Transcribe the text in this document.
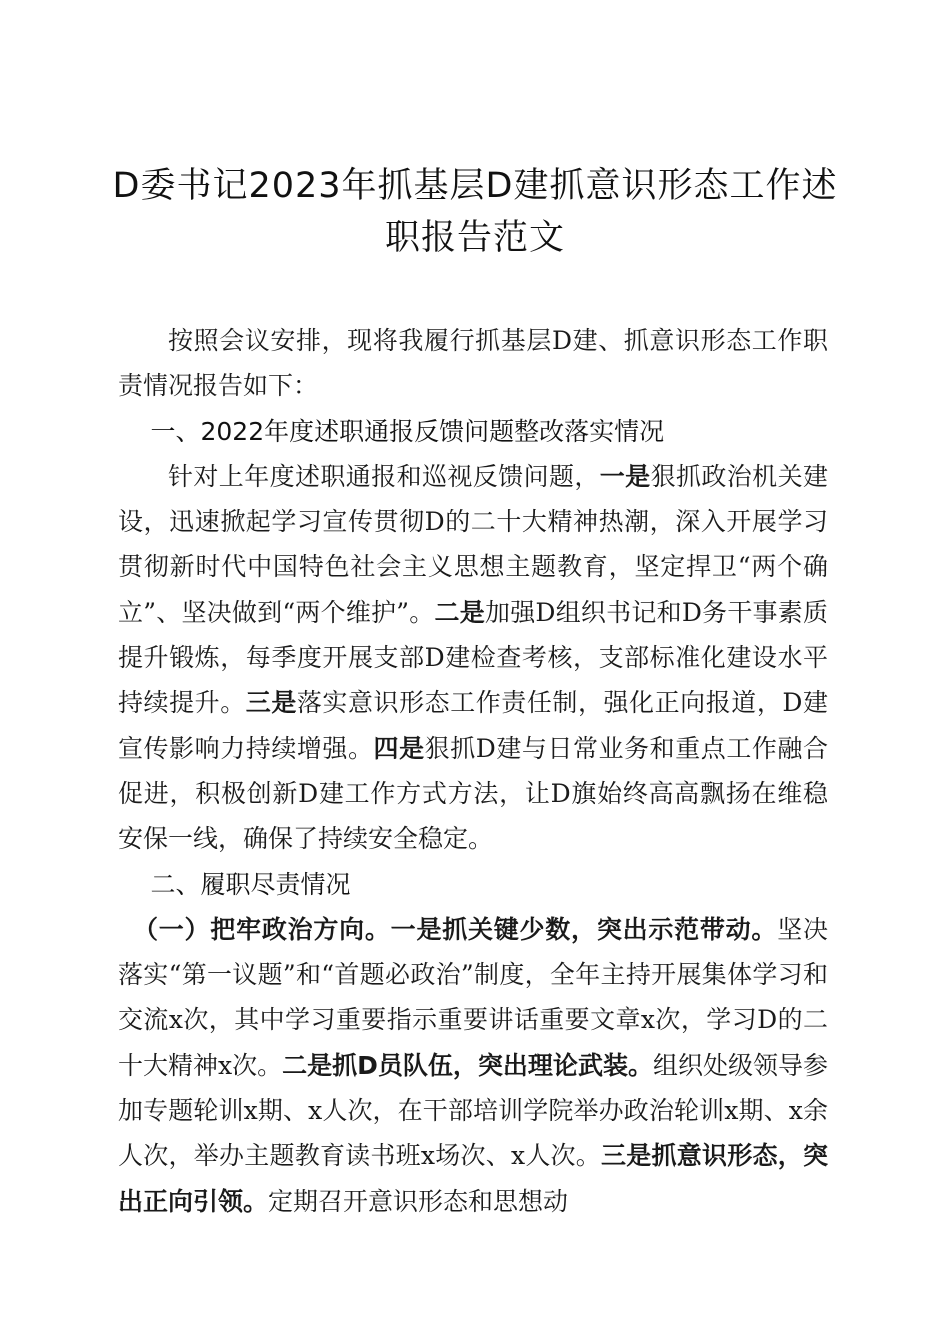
D委书记2023年抓基层D建抓意识形态工作述职报告范文

按照会议安排，现将我履行抓基层D建、抓意识形态工作职责情况报告如下：

一、2022年度述职通报反馈问题整改落实情况

针对上年度述职通报和巡视反馈问题，一是狠抓政治机关建设，迅速掀起学习宣传贯彻D的二十大精神热潮，深入开展学习贯彻新时代中国特色社会主义思想主题教育，坚定捍卫“两个确立”、坚决做到“两个维护”。二是加强D组织书记和D务干事素质提升锻炼，每季度开展支部D建检查考核，支部标准化建设水平持续提升。三是落实意识形态工作责任制，强化正向报道，D建宣传影响力持续增强。四是狠抓D建与日常业务和重点工作融合促进，积极创新D建工作方式方法，让D旗始终高高飘扬在维稳安保一线，确保了持续安全稳定。

二、履职尽责情况

（一）把牢政治方向。一是抓关键少数，突出示范带动。坚决落实“第一议题”和“首题必政治”制度，全年主持开展集体学习和交流x次，其中学习重要指示重要讲话重要文章x次，学习D的二十大精神x次。二是抓D员队伍，突出理论武装。组织处级领导参加专题轮训x期、x人次，在干部培训学院举办政治轮训x期、x余人次，举办主题教育读书班x场次、x人次。三是抓意识形态，突出正向引领。定期召开意识形态和思想动
